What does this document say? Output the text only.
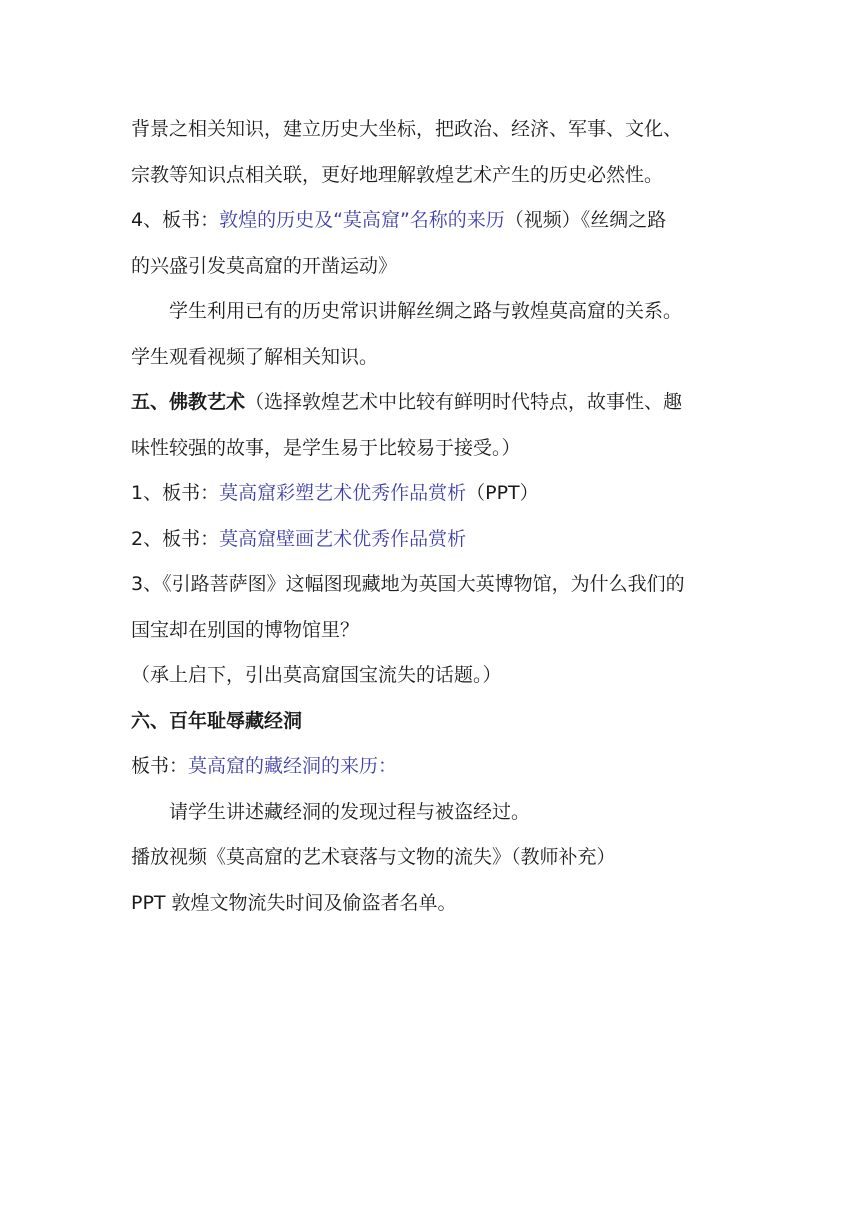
背景之相关知识，建立历史大坐标，把政治、经济、军事、文化、
宗教等知识点相关联，更好地理解敦煌艺术产生的历史必然性。
4、板书：敦煌的历史及“莫高窟”名称的来历（视频）《丝绸之路
的兴盛引发莫高窟的开凿运动》
学生利用已有的历史常识讲解丝绸之路与敦煌莫高窟的关系。
学生观看视频了解相关知识。
五、佛教艺术（选择敦煌艺术中比较有鲜明时代特点，故事性、趣
味性较强的故事，是学生易于比较易于接受。）
1、板书：莫高窟彩塑艺术优秀作品赏析（PPT）
2、板书：莫高窟壁画艺术优秀作品赏析
3、《引路菩萨图》这幅图现藏地为英国大英博物馆，为什么我们的
国宝却在别国的博物馆里？
（承上启下，引出莫高窟国宝流失的话题。）
六、百年耻辱藏经洞
板书：莫高窟的藏经洞的来历：
请学生讲述藏经洞的发现过程与被盗经过。
播放视频《莫高窟的艺术衰落与文物的流失》（教师补充）
PPT 敦煌文物流失时间及偷盗者名单。
